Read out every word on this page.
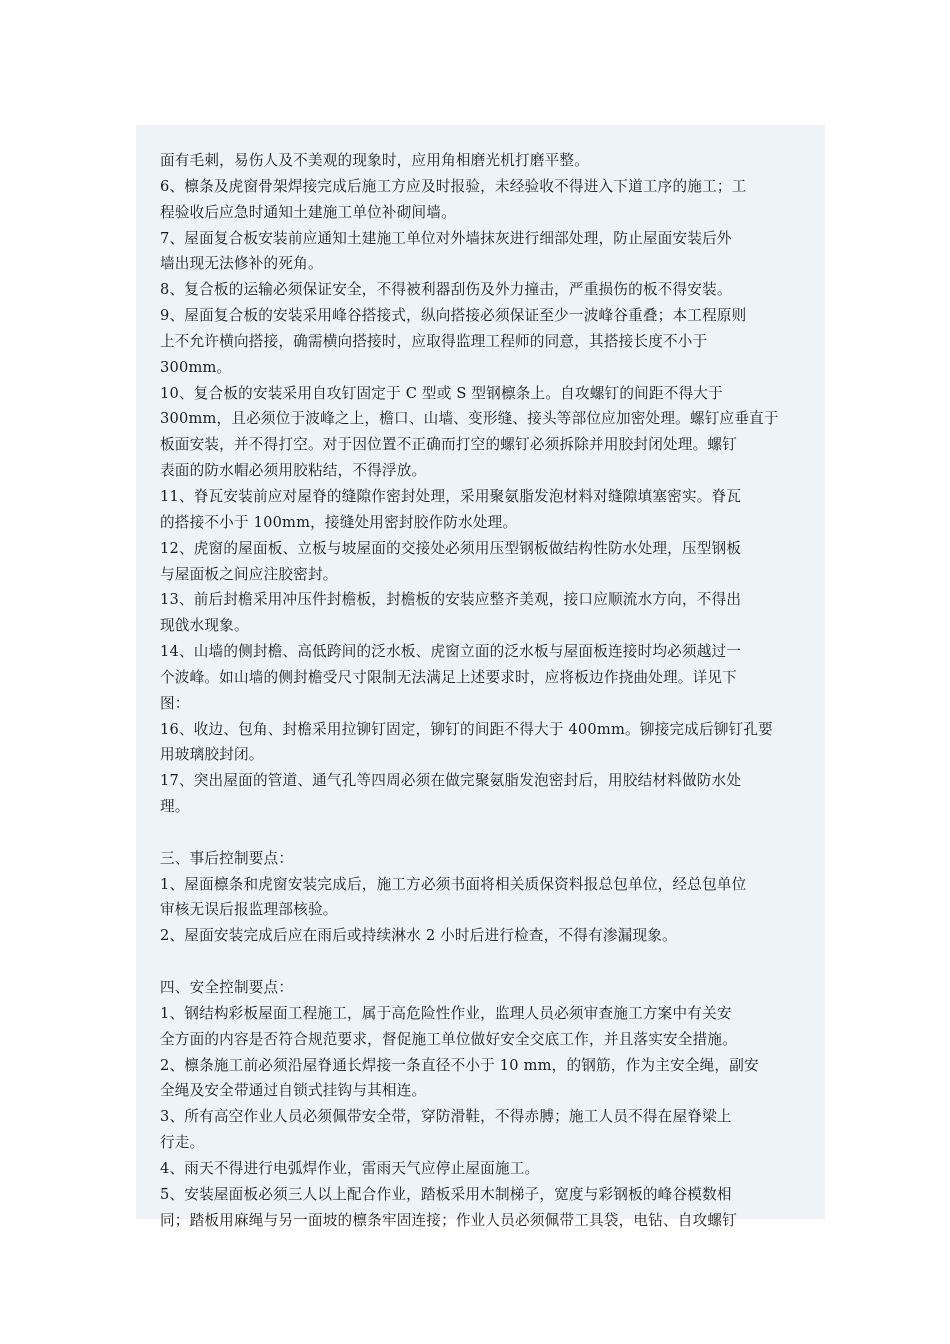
面有毛刺，易伤人及不美观的现象时，应用角相磨光机打磨平整。
6、檩条及虎窗骨架焊接完成后施工方应及时报验，未经验收不得进入下道工序的施工；工
程验收后应急时通知土建施工单位补砌间墙。
7、屋面复合板安装前应通知土建施工单位对外墙抹灰进行细部处理，防止屋面安装后外
墙出现无法修补的死角。
8、复合板的运输必须保证安全，不得被利器刮伤及外力撞击，严重损伤的板不得安装。
9、屋面复合板的安装采用峰谷搭接式，纵向搭接必须保证至少一波峰谷重叠；本工程原则
上不允许横向搭接，确需横向搭接时，应取得监理工程师的同意，其搭接长度不小于
300mm。
10、复合板的安装采用自攻钉固定于 C 型或 S 型钢檩条上。自攻螺钉的间距不得大于
300mm，且必须位于波峰之上，檐口、山墙、变形缝、接头等部位应加密处理。螺钉应垂直于
板面安装，并不得打空。对于因位置不正确而打空的螺钉必须拆除并用胶封闭处理。螺钉
表面的防水帽必须用胶粘结，不得浮放。
11、脊瓦安装前应对屋脊的缝隙作密封处理，采用聚氨脂发泡材料对缝隙填塞密实。脊瓦
的搭接不小于 100mm，接缝处用密封胶作防水处理。
12、虎窗的屋面板、立板与坡屋面的交接处必须用压型钢板做结构性防水处理，压型钢板
与屋面板之间应注胶密封。
13、前后封檐采用冲压件封檐板，封檐板的安装应整齐美观，接口应顺流水方向，不得出
现戗水现象。
14、山墙的侧封檐、高低跨间的泛水板、虎窗立面的泛水板与屋面板连接时均必须越过一
个波峰。如山墙的侧封檐受尺寸限制无法满足上述要求时，应将板边作挠曲处理。详见下
图：
16、收边、包角、封檐采用拉铆钉固定，铆钉的间距不得大于 400mm。铆接完成后铆钉孔要
用玻璃胶封闭。
17、突出屋面的管道、通气孔等四周必须在做完聚氨脂发泡密封后，用胶结材料做防水处
理。
三、事后控制要点：
1、屋面檩条和虎窗安装完成后，施工方必须书面将相关质保资料报总包单位，经总包单位
审核无误后报监理部核验。
2、屋面安装完成后应在雨后或持续淋水 2 小时后进行检查，不得有渗漏现象。
四、安全控制要点：
1、钢结构彩板屋面工程施工，属于高危险性作业，监理人员必须审查施工方案中有关安
全方面的内容是否符合规范要求，督促施工单位做好安全交底工作，并且落实安全措施。
2、檩条施工前必须沿屋脊通长焊接一条直径不小于 10 mm，的钢筋，作为主安全绳，副安
全绳及安全带通过自锁式挂钩与其相连。
3、所有高空作业人员必须佩带安全带，穿防滑鞋，不得赤膊；施工人员不得在屋脊梁上
行走。
4、雨天不得进行电弧焊作业，雷雨天气应停止屋面施工。
5、安装屋面板必须三人以上配合作业，踏板采用木制梯子，宽度与彩钢板的峰谷模数相
同；踏板用麻绳与另一面坡的檩条牢固连接；作业人员必须佩带工具袋，电钻、自攻螺钉
